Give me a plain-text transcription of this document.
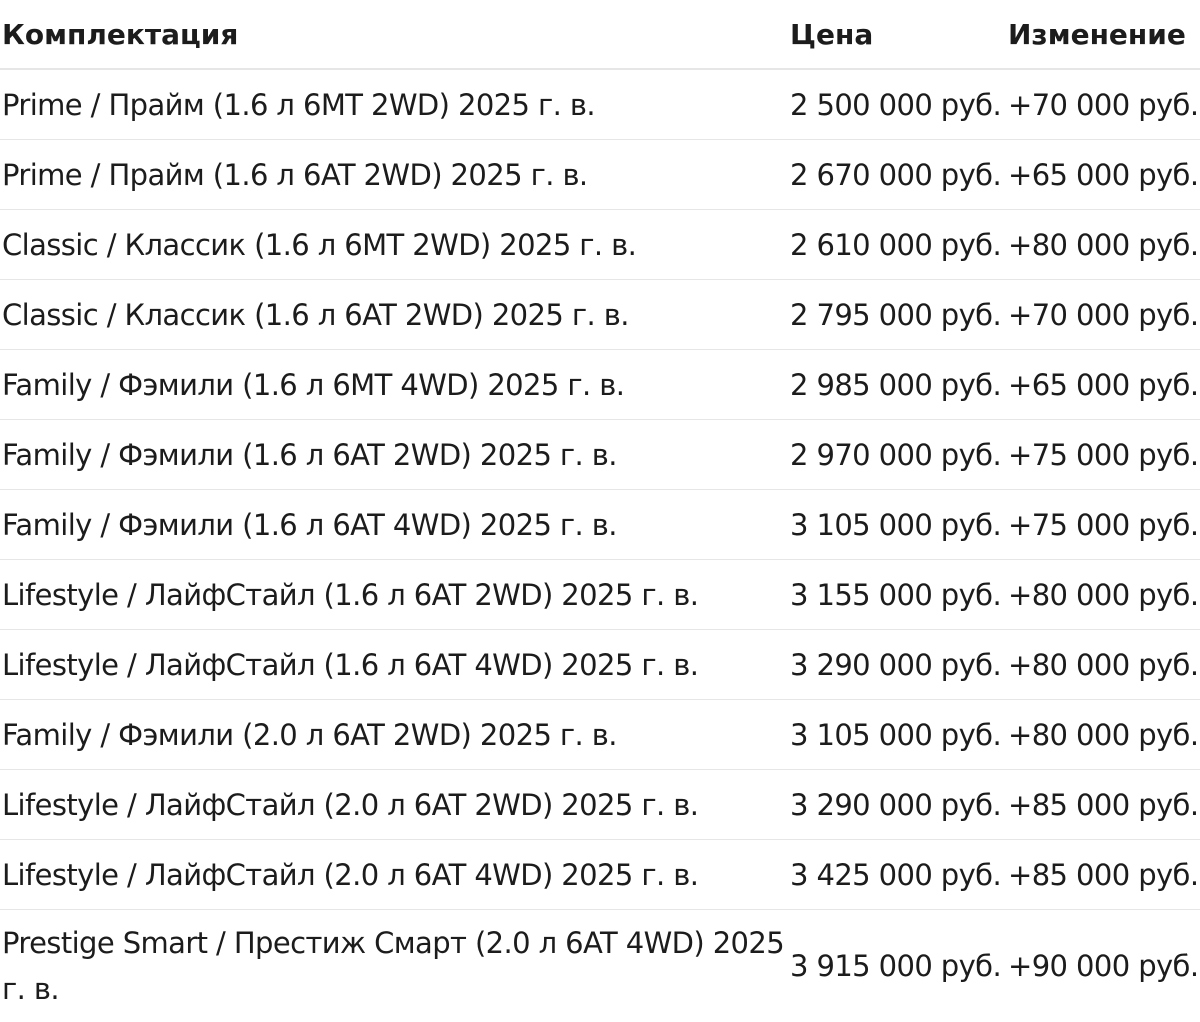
Комплектация	Цена	Изменение
Prime / Прайм (1.6 л 6MT 2WD) 2025 г. в.	2 500 000 руб.	+70 000 руб.
Prime / Прайм (1.6 л 6AT 2WD) 2025 г. в.	2 670 000 руб.	+65 000 руб.
Classic / Классик (1.6 л 6MT 2WD) 2025 г. в.	2 610 000 руб.	+80 000 руб.
Classic / Классик (1.6 л 6AT 2WD) 2025 г. в.	2 795 000 руб.	+70 000 руб.
Family / Фэмили (1.6 л 6MT 4WD) 2025 г. в.	2 985 000 руб.	+65 000 руб.
Family / Фэмили (1.6 л 6AT 2WD) 2025 г. в.	2 970 000 руб.	+75 000 руб.
Family / Фэмили (1.6 л 6AT 4WD) 2025 г. в.	3 105 000 руб.	+75 000 руб.
Lifestyle / ЛайфСтайл (1.6 л 6AT 2WD) 2025 г. в.	3 155 000 руб.	+80 000 руб.
Lifestyle / ЛайфСтайл (1.6 л 6AT 4WD) 2025 г. в.	3 290 000 руб.	+80 000 руб.
Family / Фэмили (2.0 л 6AT 2WD) 2025 г. в.	3 105 000 руб.	+80 000 руб.
Lifestyle / ЛайфСтайл (2.0 л 6AT 2WD) 2025 г. в.	3 290 000 руб.	+85 000 руб.
Lifestyle / ЛайфСтайл (2.0 л 6AT 4WD) 2025 г. в.	3 425 000 руб.	+85 000 руб.
Prestige Smart / Престиж Смарт (2.0 л 6AT 4WD) 2025 г. в.	3 915 000 руб.	+90 000 руб.
